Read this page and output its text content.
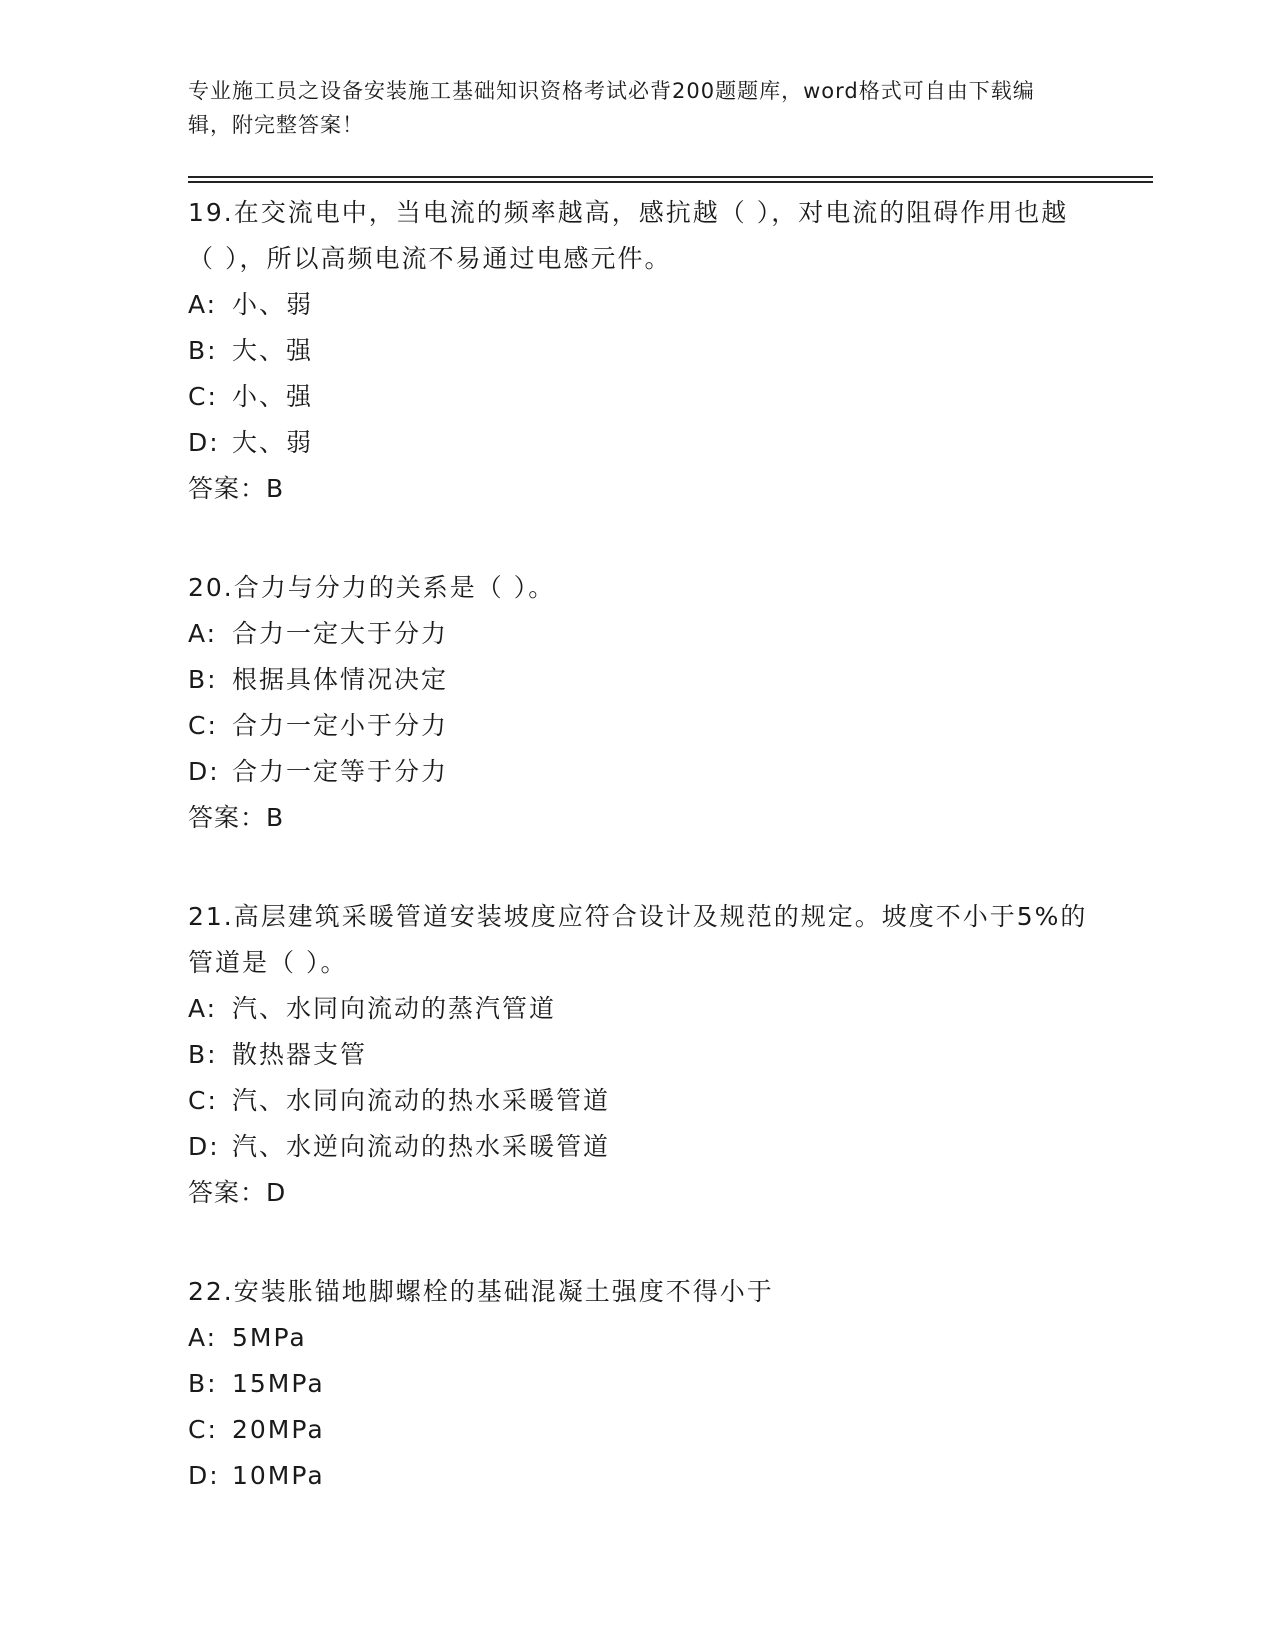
专业施工员之设备安装施工基础知识资格考试必背200题题库，word格式可自由下载编辑，附完整答案！
19.在交流电中，当电流的频率越高，感抗越（ ），对电流的阻碍作用也越（ ），所以高频电流不易通过电感元件。
A: 小、弱
B: 大、强
C: 小、强
D: 大、弱
答案：B
20.合力与分力的关系是（ ）。
A: 合力一定大于分力
B: 根据具体情况决定
C: 合力一定小于分力
D: 合力一定等于分力
答案：B
21.高层建筑采暖管道安装坡度应符合设计及规范的规定。坡度不小于5%的管道是（ ）。
A: 汽、水同向流动的蒸汽管道
B: 散热器支管
C: 汽、水同向流动的热水采暖管道
D: 汽、水逆向流动的热水采暖管道
答案：D
22.安装胀锚地脚螺栓的基础混凝土强度不得小于
A: 5MPa
B: 15MPa
C: 20MPa
D: 10MPa
